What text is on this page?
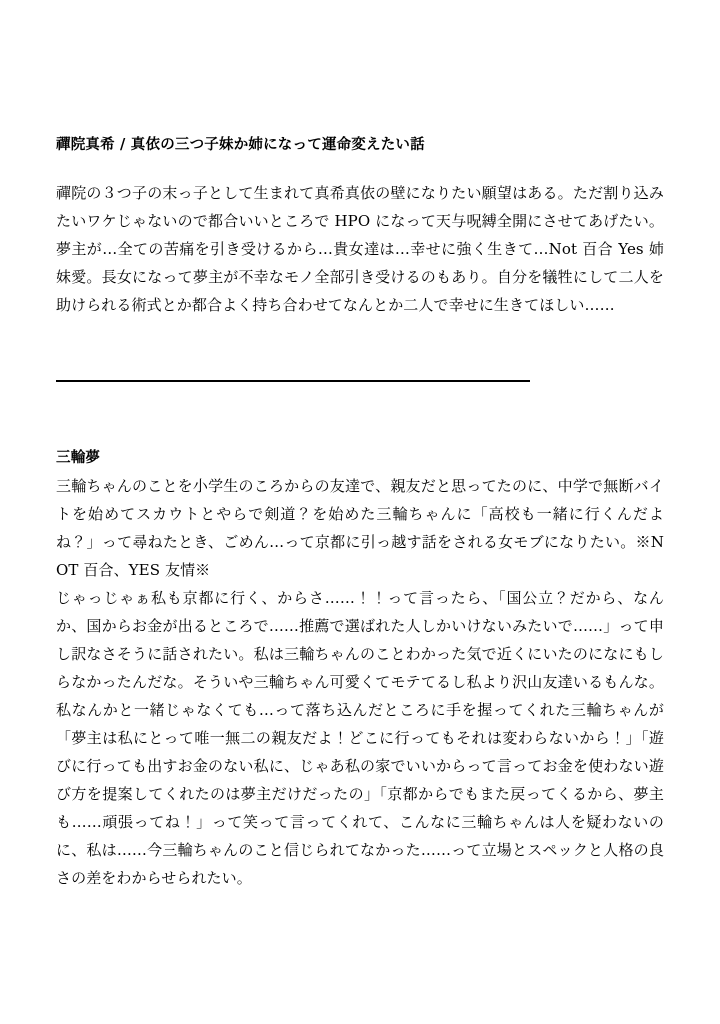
禪院真希 / 真依の三つ子妹か姉になって運命変えたい話

禪院の３つ子の末っ子として生まれて真希真依の壁になりたい願望はある。ただ割り込みたいワケじゃないので都合いいところで HPO になって天与呪縛全開にさせてあげたい。夢主が…全ての苦痛を引き受けるから…貴女達は…幸せに強く生きて…Not 百合 Yes 姉妹愛。長女になって夢主が不幸なモノ全部引き受けるのもあり。自分を犠牲にして二人を助けられる術式とか都合よく持ち合わせてなんとか二人で幸せに生きてほしい……

三輪夢

三輪ちゃんのことを小学生のころからの友達で、親友だと思ってたのに、中学で無断バイトを始めてスカウトとやらで剣道？を始めた三輪ちゃんに「高校も一緒に行くんだよね？」って尋ねたとき、ごめん…って京都に引っ越す話をされる女モブになりたい。※NOT 百合、YES 友情※

じゃっじゃぁ私も京都に行く、からさ……！！って言ったら、「国公立？だから、なんか、国からお金が出るところで……推薦で選ばれた人しかいけないみたいで……」って申し訳なさそうに話されたい。私は三輪ちゃんのことわかった気で近くにいたのになにもしらなかったんだな。そういや三輪ちゃん可愛くてモテてるし私より沢山友達いるもんな。私なんかと一緒じゃなくても…って落ち込んだところに手を握ってくれた三輪ちゃんが「夢主は私にとって唯一無二の親友だよ！どこに行ってもそれは変わらないから！」「遊びに行っても出すお金のない私に、じゃあ私の家でいいからって言ってお金を使わない遊び方を提案してくれたのは夢主だけだったの」「京都からでもまた戻ってくるから、夢主も……頑張ってね！」って笑って言ってくれて、こんなに三輪ちゃんは人を疑わないのに、私は……今三輪ちゃんのこと信じられてなかった……って立場とスペックと人格の良さの差をわからせられたい。
